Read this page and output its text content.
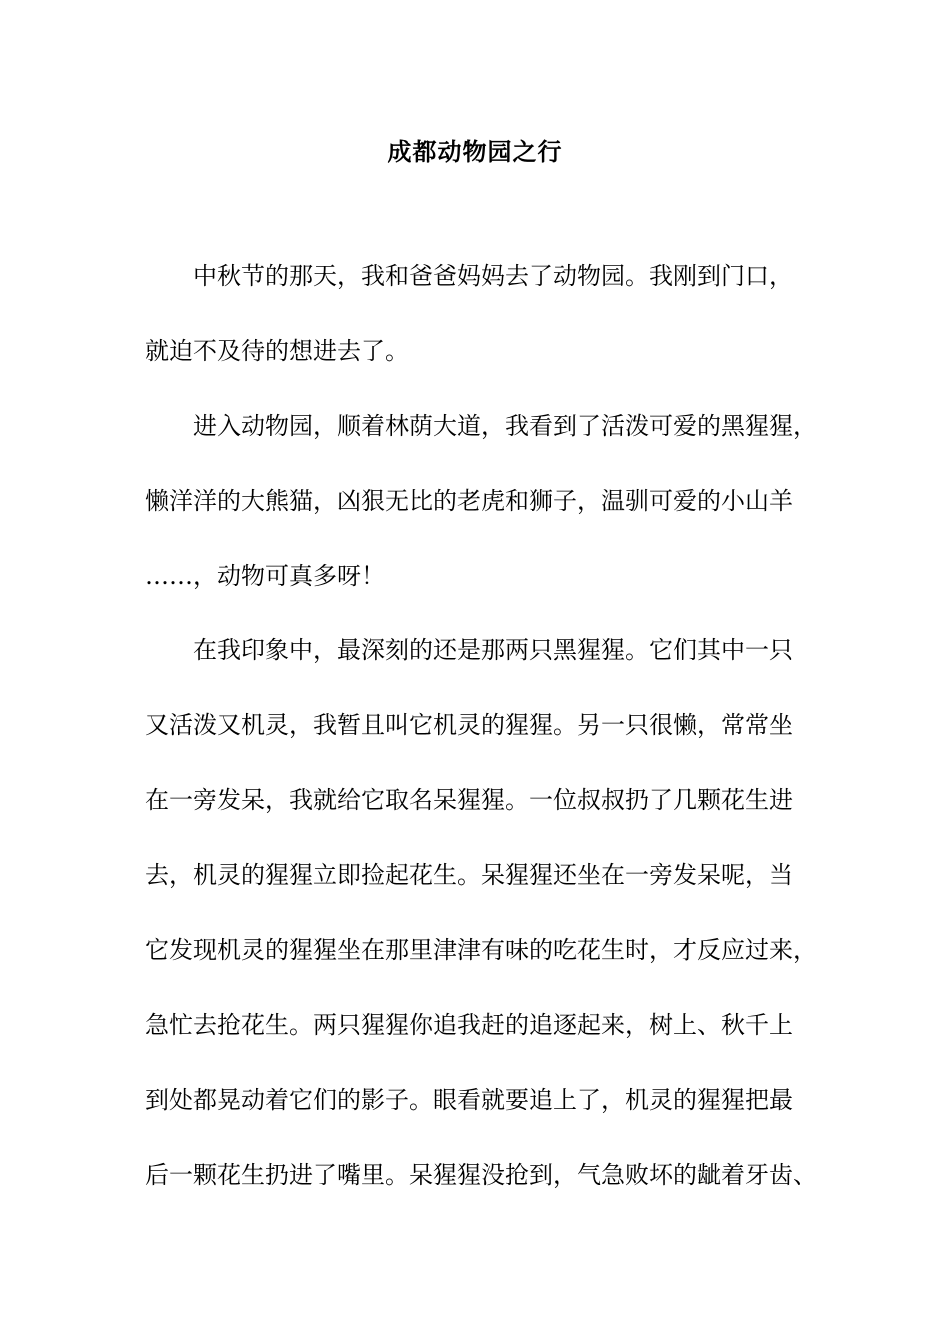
成都动物园之行
中秋节的那天，我和爸爸妈妈去了动物园。我刚到门口，
就迫不及待的想进去了。
进入动物园，顺着林荫大道，我看到了活泼可爱的黑猩猩，
懒洋洋的大熊猫，凶狠无比的老虎和狮子，温驯可爱的小山羊
……，动物可真多呀！
在我印象中，最深刻的还是那两只黑猩猩。它们其中一只
又活泼又机灵，我暂且叫它机灵的猩猩。另一只很懒，常常坐
在一旁发呆，我就给它取名呆猩猩。一位叔叔扔了几颗花生进
去，机灵的猩猩立即捡起花生。呆猩猩还坐在一旁发呆呢，当
它发现机灵的猩猩坐在那里津津有味的吃花生时，才反应过来，
急忙去抢花生。两只猩猩你追我赶的追逐起来，树上、秋千上
到处都晃动着它们的影子。眼看就要追上了，机灵的猩猩把最
后一颗花生扔进了嘴里。呆猩猩没抢到，气急败坏的龇着牙齿、
